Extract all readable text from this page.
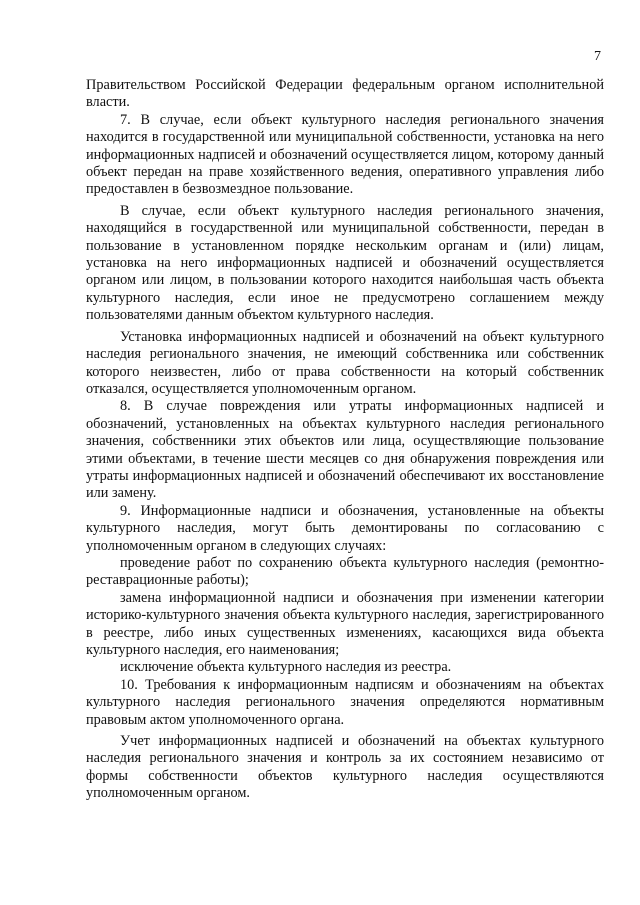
7

Правительством Российской Федерации федеральным органом исполнительной власти.

7. В случае, если объект культурного наследия регионального значения находится в государственной или муниципальной собственности, установка на него информационных надписей и обозначений осуществляется лицом, которому данный объект передан на праве хозяйственного ведения, оперативного управления либо предоставлен в безвозмездное пользование.

В случае, если объект культурного наследия регионального значения, находящийся в государственной или муниципальной собственности, передан в пользование в установленном порядке нескольким органам и (или) лицам, установка на него информационных надписей и обозначений осуществляется органом или лицом, в пользовании которого находится наибольшая часть объекта культурного наследия, если иное не предусмотрено соглашением между пользователями данным объектом культурного наследия.

Установка информационных надписей и обозначений на объект культурного наследия регионального значения, не имеющий собственника или собственник которого неизвестен, либо от права собственности на который собственник отказался, осуществляется уполномоченным органом.

8. В случае повреждения или утраты информационных надписей и обозначений, установленных на объектах культурного наследия регионального значения, собственники этих объектов или лица, осуществляющие пользование этими объектами, в течение шести месяцев со дня обнаружения повреждения или утраты информационных надписей и обозначений обеспечивают их восстановление или замену.

9. Информационные надписи и обозначения, установленные на объекты культурного наследия, могут быть демонтированы по согласованию с уполномоченным органом в следующих случаях:

проведение работ по сохранению объекта культурного наследия (ремонтно-реставрационные работы);

замена информационной надписи и обозначения при изменении категории историко-культурного значения объекта культурного наследия, зарегистрированного в реестре, либо иных существенных изменениях, касающихся вида объекта культурного наследия, его наименования;

исключение объекта культурного наследия из реестра.

10. Требования к информационным надписям и обозначениям на объектах культурного наследия регионального значения определяются нормативным правовым актом уполномоченного органа.

Учет информационных надписей и обозначений на объектах культурного наследия регионального значения и контроль за их состоянием независимо от формы собственности объектов культурного наследия осуществляются уполномоченным органом.
